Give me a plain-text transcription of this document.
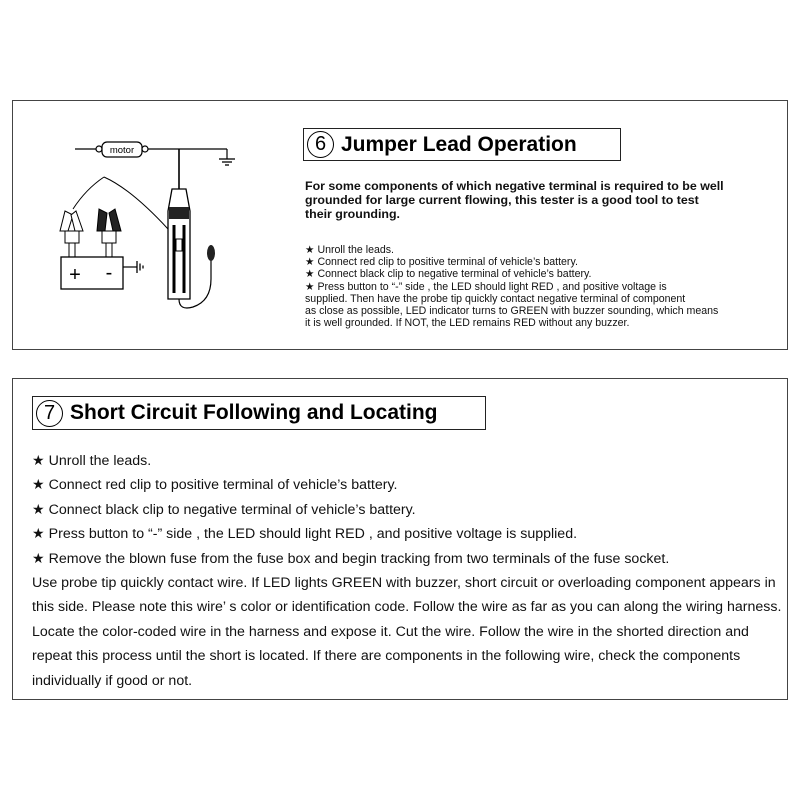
motor
+ -
6 Jumper Lead Operation
For some components of which negative terminal is required to be well grounded for large current flowing, this tester is a good tool to test their grounding.
★ Unroll the leads.
★ Connect red clip to positive terminal of vehicle’s battery.
★ Connect black clip to negative terminal of vehicle’s battery.
★ Press button to “-” side , the LED should light RED , and positive voltage is
supplied. Then have the probe tip quickly contact negative terminal of component
as close as possible, LED indicator turns to GREEN with buzzer sounding, which means
it is well grounded. If NOT, the LED remains RED without any buzzer.
7 Short Circuit Following and Locating
★ Unroll the leads.
★ Connect red clip to positive terminal of vehicle’s battery.
★ Connect black clip to negative terminal of vehicle’s battery.
★ Press button to “-” side , the LED should light RED , and positive voltage is supplied.
★ Remove the blown fuse from the fuse box and begin tracking from two terminals of the fuse socket.
Use probe tip quickly contact wire. If LED lights GREEN with buzzer, short circuit or overloading component appears in this side. Please note this wire’ s color or identification code. Follow the wire as far as you can along the wiring harness. Locate the color-coded wire in the harness and expose it. Cut the wire. Follow the wire in the shorted direction and repeat this process until the short is located. If there are components in the following wire, check the components individually if good or not.
